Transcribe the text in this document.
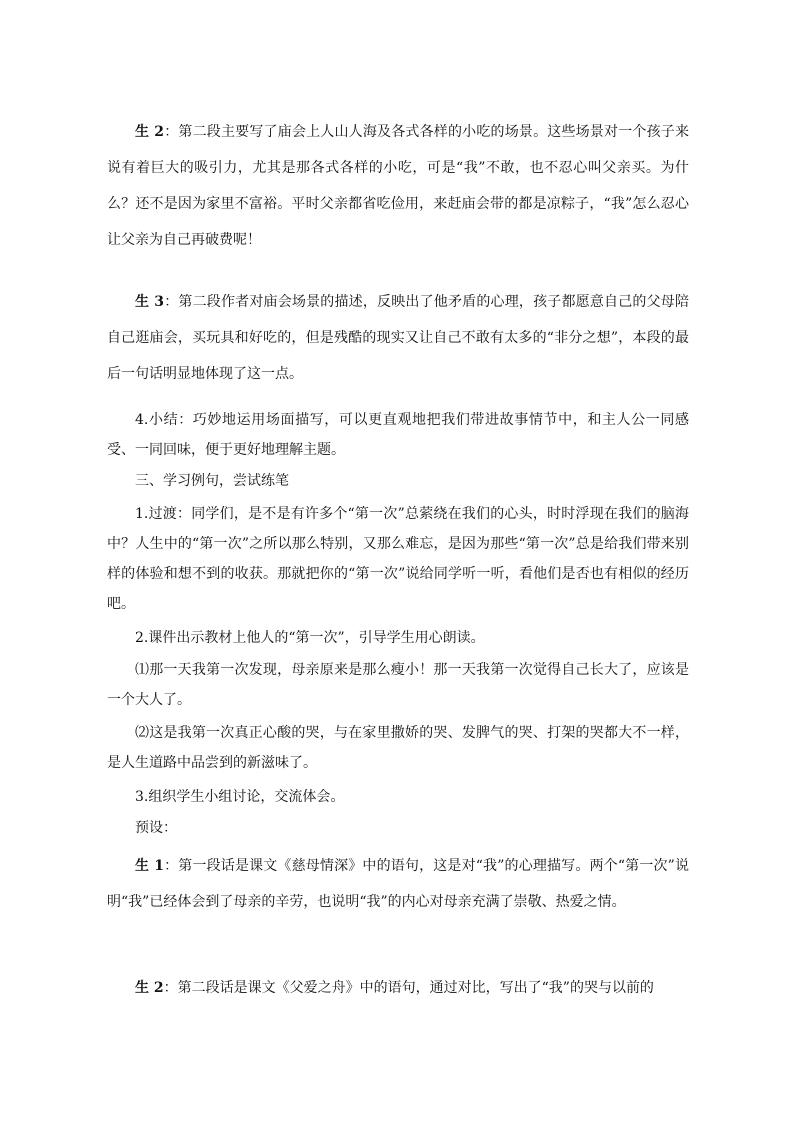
生 2：第二段主要写了庙会上人山人海及各式各样的小吃的场景。这些场景对一个孩子来说有着巨大的吸引力，尤其是那各式各样的小吃，可是“我”不敢，也不忍心叫父亲买。为什么？还不是因为家里不富裕。平时父亲都省吃俭用，来赶庙会带的都是凉粽子，“我”怎么忍心让父亲为自己再破费呢！

生 3：第二段作者对庙会场景的描述，反映出了他矛盾的心理，孩子都愿意自己的父母陪自己逛庙会，买玩具和好吃的，但是残酷的现实又让自己不敢有太多的“非分之想”，本段的最后一句话明显地体现了这一点。

4.小结：巧妙地运用场面描写，可以更直观地把我们带进故事情节中，和主人公一同感受、一同回味，便于更好地理解主题。

三、学习例句，尝试练笔

1.过渡：同学们，是不是有许多个“第一次”总萦绕在我们的心头，时时浮现在我们的脑海中？人生中的“第一次”之所以那么特别，又那么难忘，是因为那些“第一次”总是给我们带来别样的体验和想不到的收获。那就把你的“第一次”说给同学听一听，看他们是否也有相似的经历吧。

2.课件出示教材上他人的“第一次”，引导学生用心朗读。

⑴那一天我第一次发现，母亲原来是那么瘦小！那一天我第一次觉得自己长大了，应该是一个大人了。

⑵这是我第一次真正心酸的哭，与在家里撒娇的哭、发脾气的哭、打架的哭都大不一样，是人生道路中品尝到的新滋味了。

3.组织学生小组讨论，交流体会。

预设：

生 1：第一段话是课文《慈母情深》中的语句，这是对“我”的心理描写。两个“第一次”说明“我”已经体会到了母亲的辛劳，也说明“我”的内心对母亲充满了崇敬、热爱之情。

生 2：第二段话是课文《父爱之舟》中的语句，通过对比，写出了“我”的哭与以前的
